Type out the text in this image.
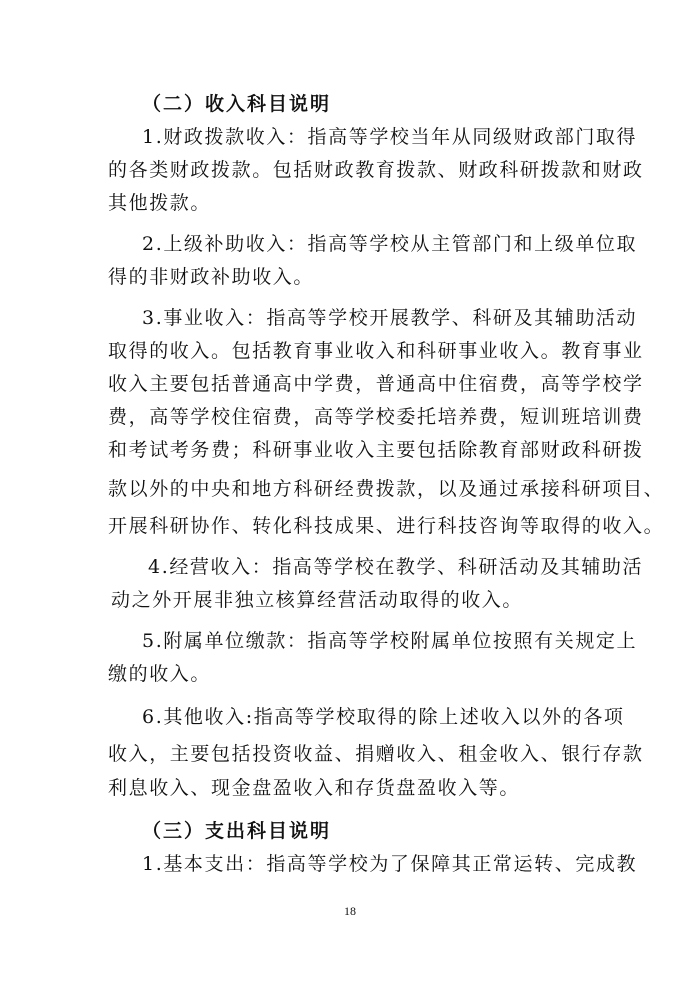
（二）收入科目说明
1.财政拨款收入：指高等学校当年从同级财政部门取得
的各类财政拨款。包括财政教育拨款、财政科研拨款和财政
其他拨款。
2.上级补助收入：指高等学校从主管部门和上级单位取
得的非财政补助收入。
3.事业收入：指高等学校开展教学、科研及其辅助活动
取得的收入。包括教育事业收入和科研事业收入。教育事业
收入主要包括普通高中学费，普通高中住宿费，高等学校学
费，高等学校住宿费，高等学校委托培养费，短训班培训费
和考试考务费；科研事业收入主要包括除教育部财政科研拨
款以外的中央和地方科研经费拨款，以及通过承接科研项目、
开展科研协作、转化科技成果、进行科技咨询等取得的收入。
4.经营收入：指高等学校在教学、科研活动及其辅助活
动之外开展非独立核算经营活动取得的收入。
5.附属单位缴款：指高等学校附属单位按照有关规定上
缴的收入。
6.其他收入:指高等学校取得的除上述收入以外的各项
收入，主要包括投资收益、捐赠收入、租金收入、银行存款
利息收入、现金盘盈收入和存货盘盈收入等。
（三）支出科目说明
1.基本支出：指高等学校为了保障其正常运转、完成教
18
